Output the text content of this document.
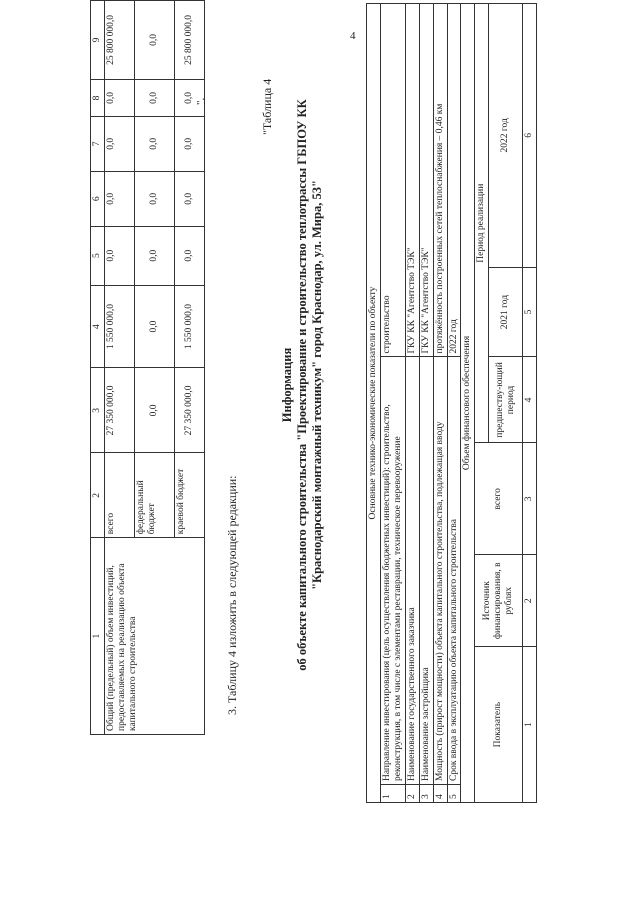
4
1	2	3	4	5	6	7	8	9
Общий (предельный) объем инвестиций, предоставляемых на реализацию объекта капитального строительства	всего	27 350 000,0	1 550 000,0	0,0	0,0	0,0	0,0	25 800 000,0
	федеральный бюджет	0,0	0,0	0,0	0,0	0,0	0,0	0,0
	краевой бюджет	27 350 000,0	1 550 000,0	0,0	0,0	0,0	0,0	25 800 000,0
".
3. Таблицу 4 изложить в следующей редакции:
"Таблица 4
Информация об объекте капитального строительства "Проектирование и строительство теплотрассы ГБПОУ КК "Краснодарский монтажный техникум" город Краснодар, ул. Мира, 53"	Основные технико-экономические показатели по объекту						
1	Направление инвестирования (цель осуществления бюджетных инвестиций): строительство, реконструкция, в том числе с элементами реставрации, техническое перевооружение				строительство	
2	Наименование государственного заказчика				ГКУ КК "Агентство ТЭК"	
3	Наименование застройщика				ГКУ КК "Агентство ТЭК"	
4	Мощность (прирост мощности) объекта капитального строительства, подлежащая вводу				протяжённость построенных сетей теплоснабжения – 0,46 км	
5	Срок ввода в эксплуатацию объекта капитального строительства				2022 год	
Объем финансового обеспечения						
Показатель		Источник финансирования, в рублях	всего	Период реализации		
				предшеству-ющий период	2021 год	2022 год
1		2	3	4	5	6
